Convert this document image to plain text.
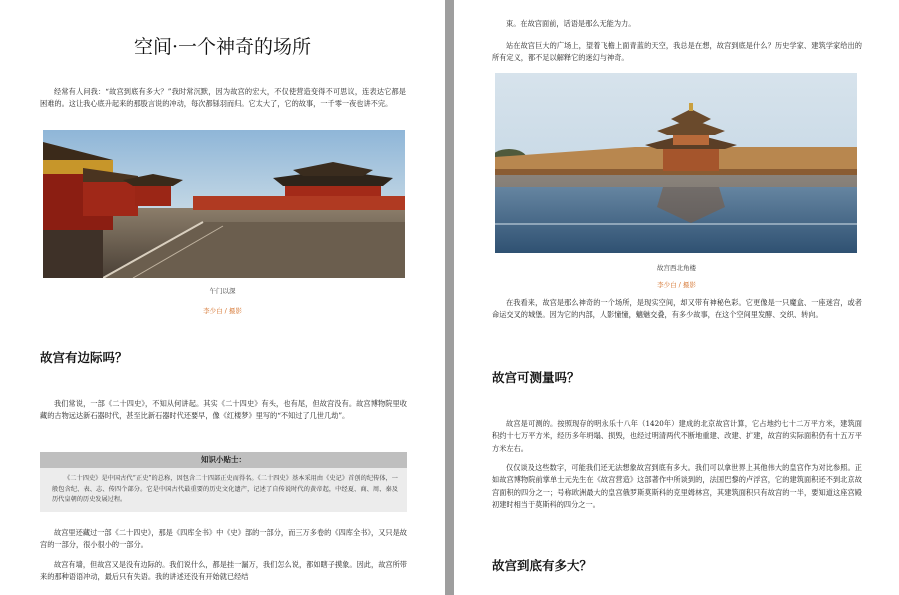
空间·一个神奇的场所

经常有人问我：“故宫到底有多大？”我时常沉默，因为故宫的宏大，不仅使营造变得不可思议，连表达它都是困难的。这让我心底升起来的那股言说的冲动，每次都铩羽而归。它太大了，它的故事，一千零一夜也讲不完。

午门以深
李少白 / 摄影
故宫有边际吗？

我们常说，一部《二十四史》，不知从何讲起。其实《二十四史》有头，也有尾，但故宫没有。故宫博物院里收藏的古物远达新石器时代，甚至比新石器时代还要早，像《红楼梦》里写的“不知过了几世几劫”。

知识小贴士：

《二十四史》是中国古代“正史”的总称，因包含二十四部正史而得名。《二十四史》基本采用由《史记》首创的纪传体，一般包含纪、表、志、传四个部分。它是中国古代最重要的历史文化遗产，记述了自传说时代的黄帝起，中经夏、商、周、秦及历代皇朝的历史发展过程。

故宫里还藏过一部《二十四史》，那是《四库全书》中《史》部的一部分，而三万多卷的《四库全书》，又只是故宫的一部分，很小很小的一部分。

故宫有墙，但故宫又是没有边际的。我们说什么，都是挂一漏万，我们怎么说，都如瞎子摸象。因此，故宫所带来的那种语语冲动，最后只有失语。我的讲述还没有开始就已经结

束。在故宫面前，话语是那么无能为力。

站在故宫巨大的广场上，望着飞檐上面青蓝的天空，我总是在想，故宫到底是什么？历史学家、建筑学家给出的所有定义，都不足以解释它的迷幻与神奇。

故宫西北角楼
李少白 / 摄影

在我看来，故宫是那么神奇的一个场所，是现实空间，却又带有神秘色彩。它更像是一只魔盒、一座迷宫，或者命运交叉的城堡。因为它的内部，人影憧憧，魑魅交叠，有多少故事，在这个空间里发酵、交织、转向。

故宫可测量吗？

故宫是可测的。按照现存的明永乐十八年（1420年）建成的北京故宫计算，它占地约七十二万平方米，建筑面积约十七万平方米，经历多年坍塌、损毁，也经过明清两代不断地重建、改建、扩建，故宫的实际面积仍有十五万平方米左右。

仅仅谈及这些数字，可能我们还无法想象故宫到底有多大。我们可以拿世界上其他伟大的皇宫作为对比参照。正如故宫博物院前掌单士元先生在《故宫营造》这部著作中所谈到的，法国巴黎的卢浮宫，它的建筑面积还不到北京故宫面积的四分之一；号称欧洲最大的皇宫俄罗斯莫斯科的克里姆林宫，其建筑面积只有故宫的一半，要知道这座宫殿初建时相当于莫斯科的四分之一。

故宫到底有多大？
